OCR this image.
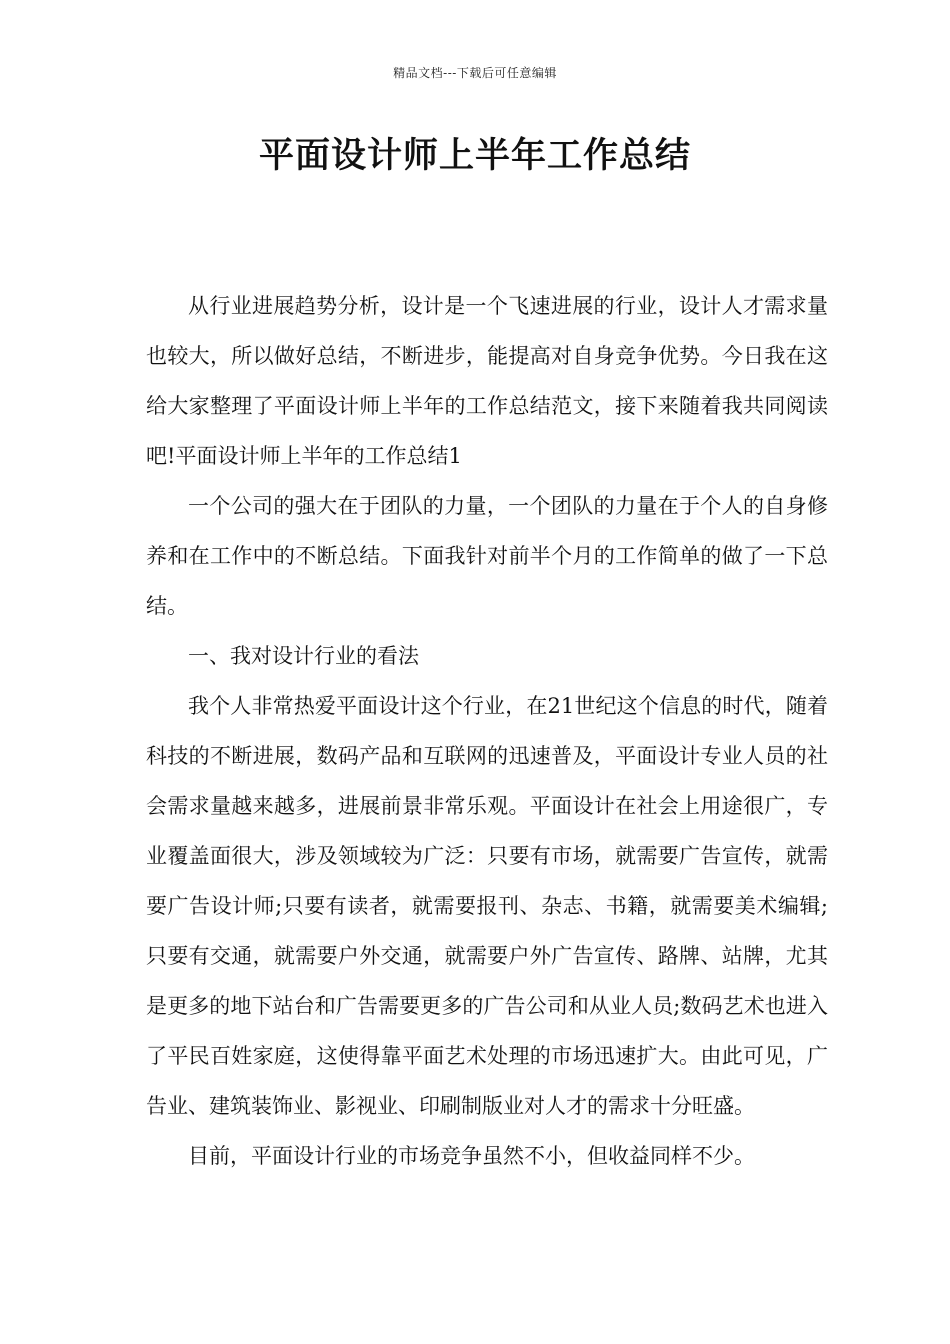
精品文档---下载后可任意编辑
平面设计师上半年工作总结

从行业进展趋势分析，设计是一个飞速进展的行业，设计人才需求量也较大，所以做好总结，不断进步，能提高对自身竞争优势。今日我在这给大家整理了平面设计师上半年的工作总结范文，接下来随着我共同阅读吧!平面设计师上半年的工作总结1

一个公司的强大在于团队的力量，一个团队的力量在于个人的自身修养和在工作中的不断总结。下面我针对前半个月的工作简单的做了一下总结。

一、我对设计行业的看法

我个人非常热爱平面设计这个行业，在21世纪这个信息的时代，随着科技的不断进展，数码产品和互联网的迅速普及，平面设计专业人员的社会需求量越来越多，进展前景非常乐观。平面设计在社会上用途很广，专业覆盖面很大，涉及领域较为广泛：只要有市场，就需要广告宣传，就需要广告设计师;只要有读者，就需要报刊、杂志、书籍，就需要美术编辑;只要有交通，就需要户外交通，就需要户外广告宣传、路牌、站牌，尤其是更多的地下站台和广告需要更多的广告公司和从业人员;数码艺术也进入了平民百姓家庭，这使得靠平面艺术处理的市场迅速扩大。由此可见，广告业、建筑装饰业、影视业、印刷制版业对人才的需求十分旺盛。

目前，平面设计行业的市场竞争虽然不小，但收益同样不少。
